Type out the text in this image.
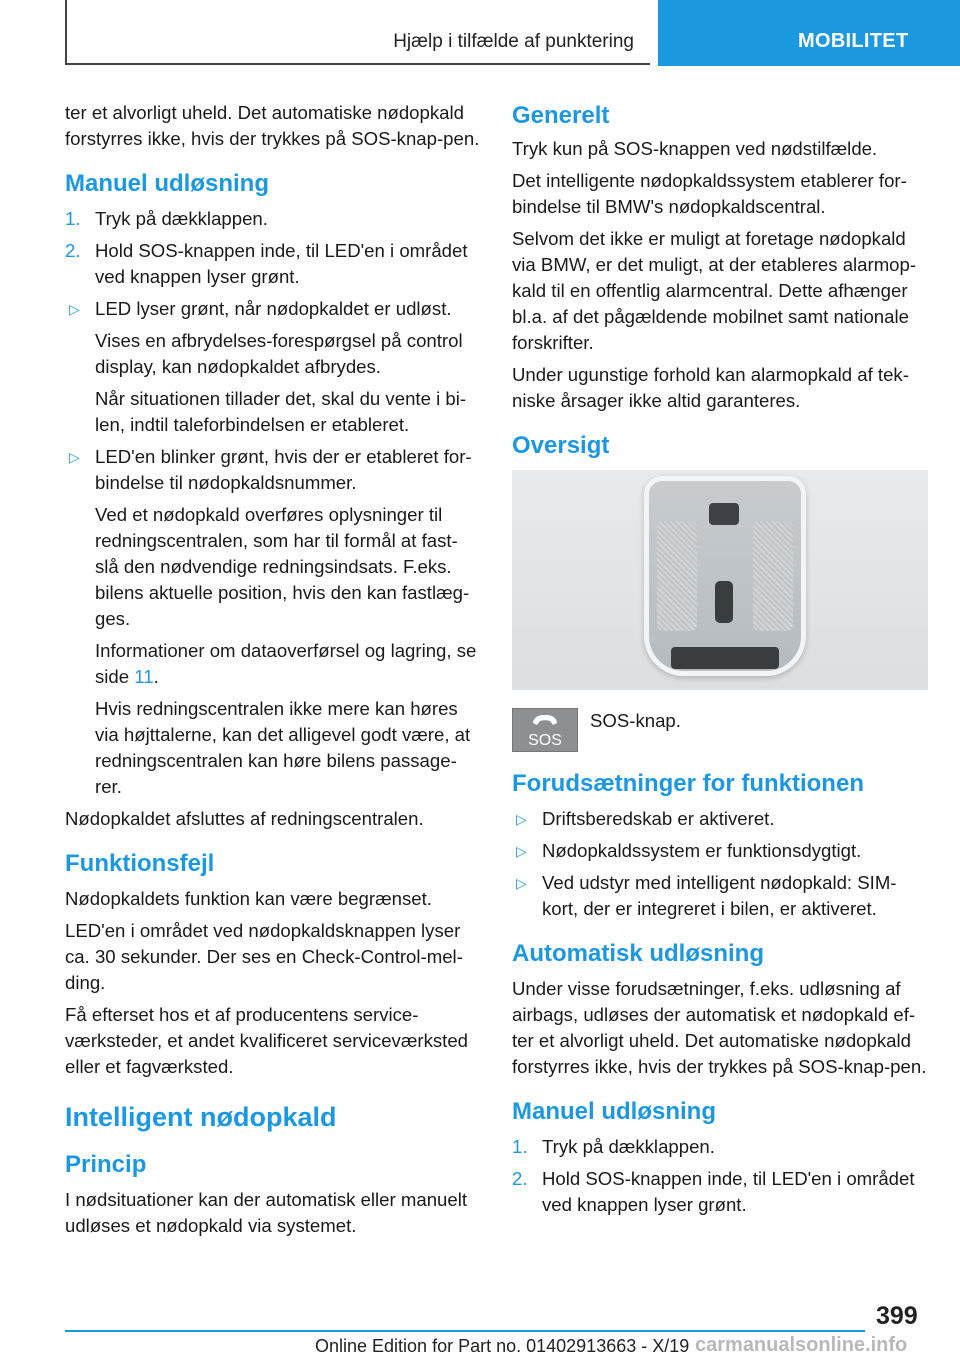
Hjælp i tilfælde af punktering	MOBILITET

ter et alvorligt uheld. Det automatiske nødopkald forstyrres ikke, hvis der trykkes på SOS-knap-pen.

Manuel udløsning
1. Tryk på dækklappen.
2. Hold SOS-knappen inde, til LED'en i området ved knappen lyser grønt.
▷ LED lyser grønt, når nødopkaldet er udløst.
Vises en afbrydelses-forespørgsel på control display, kan nødopkaldet afbrydes.
Når situationen tillader det, skal du vente i bi-len, indtil taleforbindelsen er etableret.
▷ LED'en blinker grønt, hvis der er etableret for-bindelse til nødopkaldsnummer.
Ved et nødopkald overføres oplysninger til redningscentralen, som har til formål at fast-slå den nødvendige redningsindsats. F.eks. bilens aktuelle position, hvis den kan fastlæg-ges.
Informationer om dataoverførsel og lagring, se side 11.
Hvis redningscentralen ikke mere kan høres via højttalerne, kan det alligevel godt være, at redningscentralen kan høre bilens passage-rer.

Nødopkaldet afsluttes af redningscentralen.

Funktionsfejl

Nødopkaldets funktion kan være begrænset.

LED'en i området ved nødopkaldsknappen lyser ca. 30 sekunder. Der ses en Check-Control-mel-ding.

Få efterset hos et af producentens service-værksteder, et andet kvalificeret serviceværksted eller et fagværksted.

Intelligent nødopkald
Princip

I nødsituationer kan der automatisk eller manuelt udløses et nødopkald via systemet.

Generelt

Tryk kun på SOS-knappen ved nødstilfælde.

Det intelligente nødopkaldssystem etablerer for-bindelse til BMW's nødopkaldscentral.

Selvom det ikke er muligt at foretage nødopkald via BMW, er det muligt, at der etableres alarmop-kald til en offentlig alarmcentral. Dette afhænger bl.a. af det pågældende mobilnet samt nationale forskrifter.

Under ugunstige forhold kan alarmopkald af tek-niske årsager ikke altid garanteres.

Oversigt
SOS

SOS-knap.

Forudsætninger for funktionen
▷ Driftsberedskab er aktiveret.
▷ Nødopkaldssystem er funktionsdygtigt.
▷ Ved udstyr med intelligent nødopkald: SIM-kort, der er integreret i bilen, er aktiveret.
Automatisk udløsning

Under visse forudsætninger, f.eks. udløsning af airbags, udløses der automatisk et nødopkald ef-ter et alvorligt uheld. Det automatiske nødopkald forstyrres ikke, hvis der trykkes på SOS-knap-pen.

Manuel udløsning
1. Tryk på dækklappen.
2. Hold SOS-knappen inde, til LED'en i området ved knappen lyser grønt.
399
Online Edition for Part no. 01402913663 - X/19 carmanualsonline.info
